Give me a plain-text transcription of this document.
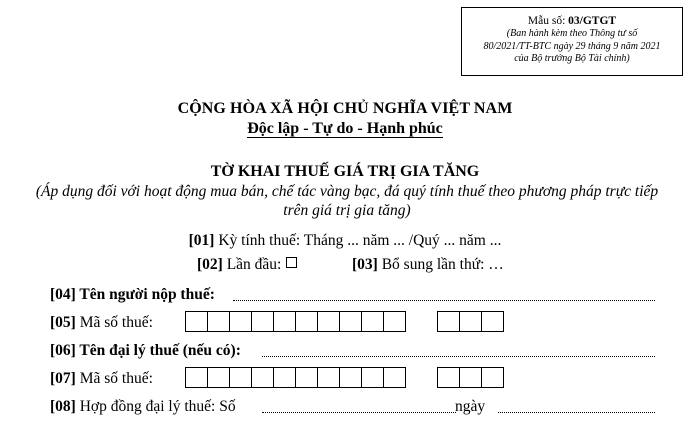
Mẫu số: 03/GTGT
(Ban hành kèm theo Thông tư số
80/2021/TT-BTC ngày 29 tháng 9 năm 2021
của Bộ trưởng Bộ Tài chính)
CỘNG HÒA XÃ HỘI CHỦ NGHĨA VIỆT NAM
Độc lập - Tự do - Hạnh phúc
TỜ KHAI THUẾ GIÁ TRỊ GIA TĂNG
(Áp dụng đối với hoạt động mua bán, chế tác vàng bạc, đá quý tính thuế theo phương pháp trực tiếp trên giá trị gia tăng)
[01] Kỳ tính thuế: Tháng ... năm ... /Quý ... năm ...
[02] Lần đầu:	[03] Bổ sung lần thứ: …
[04] Tên người nộp thuế:
[05] Mã số thuế:
[06] Tên đại lý thuế (nếu có):
[07] Mã số thuế:
[08] Hợp đồng đại lý thuế: Số	ngày
